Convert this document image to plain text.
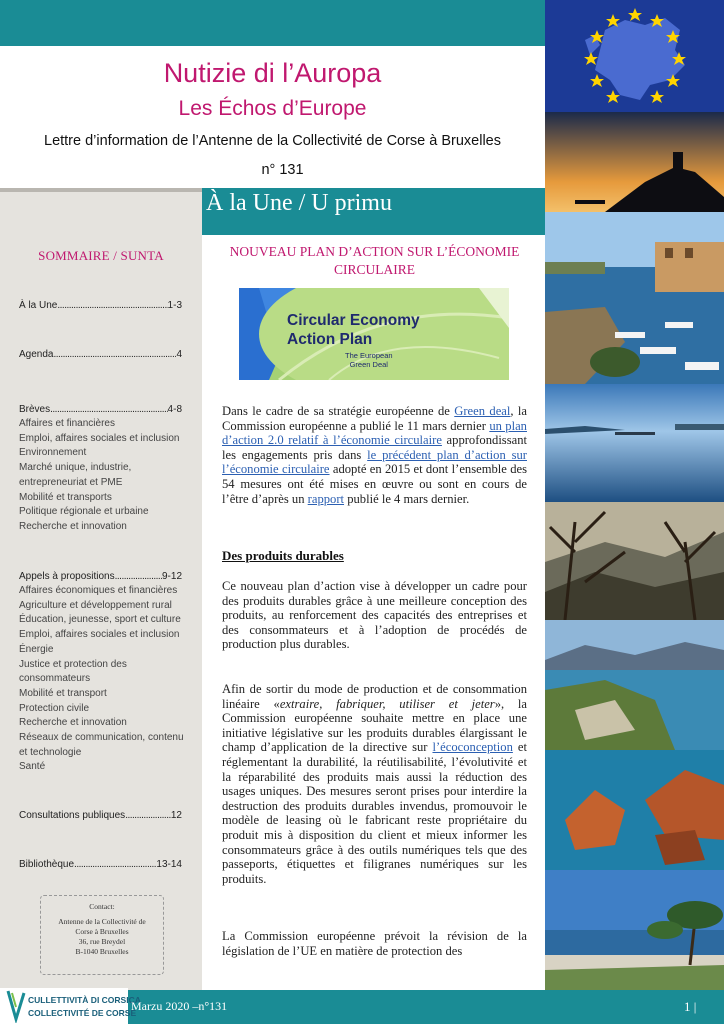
Nutizie di l’Auropa
Les Échos d’Europe
Lettre d’information de l’Antenne de la Collectivité de Corse à Bruxelles
n° 131
SOMMAIRE / SUNTA
À la Une .....	1-3
Agenda .....	4
Brèves .....	4-8
Affaires et financières
Emploi, affaires sociales et inclusion
Environnement
Marché unique, industrie,
entrepreneuriat et PME
Mobilité et transports
Politique régionale et urbaine
Recherche et innovation
Appels à propositions .....	9-12
Affaires économiques et financières
Agriculture et développement rural
Éducation, jeunesse, sport et culture
Emploi, affaires sociales et inclusion
Énergie
Justice et protection des
consommateurs
Mobilité et transport
Protection civile
Recherche et innovation
Réseaux de communication, contenu
et technologie
Santé
Consultations publiques .....	12
Bibliothèque .....	13-14
Contact:
Antenne de la Collectivité de
Corse à Bruxelles
36, rue Breydel
B-1040 Bruxelles
À la Une / U primu
NOUVEAU PLAN D’ACTION SUR L’ÉCONOMIE CIRCULAIRE
Circular Economy
Action Plan
The European
Green Deal
Dans le cadre de sa stratégie européenne de Green deal, la Commission européenne a publié le 11 mars dernier un plan d’action 2.0 relatif à l’économie circulaire approfondissant les engagements pris dans le précédent plan d’action sur l’économie circulaire adopté en 2015 et dont l’ensemble des 54 mesures ont été mises en œuvre ou sont en cours de l’être d’après un rapport publié le 4 mars dernier.
Des produits durables
Ce nouveau plan d’action vise à développer un cadre pour des produits durables grâce à une meilleure conception des produits, au renforcement des capacités des entreprises et des consommateurs et à l’adoption de procédés de production plus durables.
Afin de sortir du mode de production et de consommation linéaire «extraire, fabriquer, utiliser et jeter», la Commission européenne souhaite mettre en place une initiative législative sur les produits durables élargissant le champ d’application de la directive sur l’écoconception et réglementant la durabilité, la réutilisabilité, l’évolutivité et la réparabilité des produits mais aussi la réduction des usages uniques. Des mesures seront prises pour interdire la destruction des produits durables invendus, promouvoir le modèle de leasing où le fabricant reste propriétaire du produit mis à disposition du client et mieux informer les consommateurs grâce à des outils numériques tels que des passeports, étiquettes et filigranes numériques sur les produits.
La Commission européenne prévoit la révision de la législation de l’UE en matière de protection des
CULLETTIVITÀ DI CORSICA
COLLECTIVITÉ DE CORSE
Marzu 2020 –n°131	1 |
